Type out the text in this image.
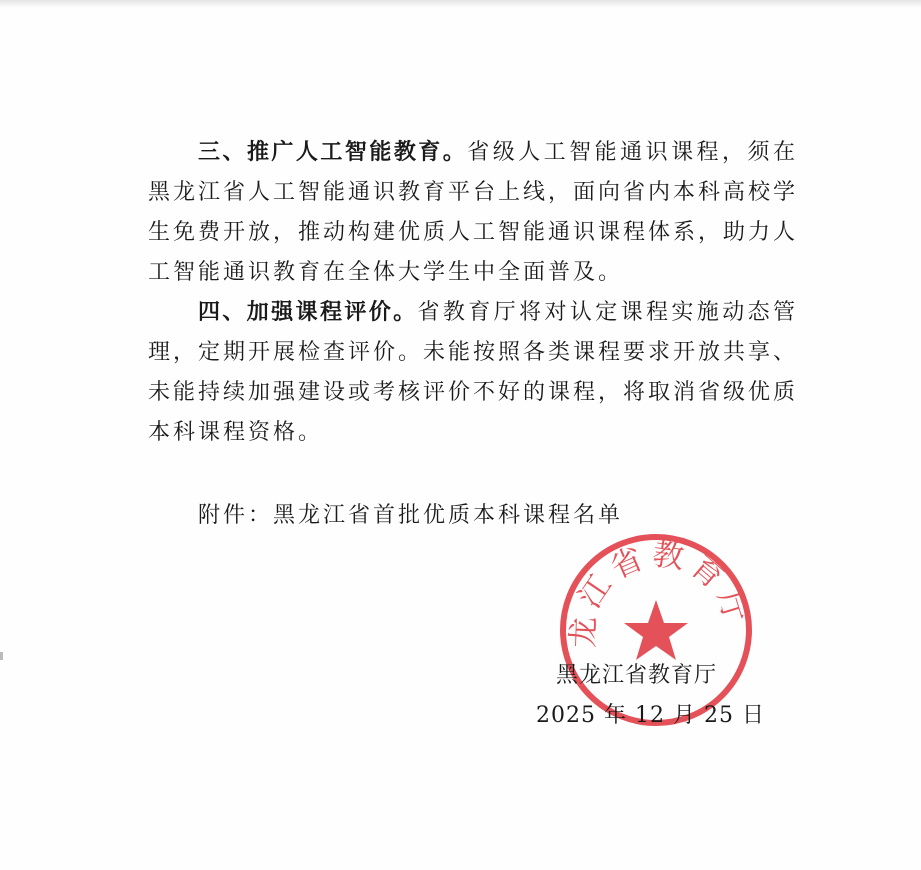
三、推广人工智能教育。省级人工智能通识课程，须在黑龙江省人工智能通识教育平台上线，面向省内本科高校学生免费开放，推动构建优质人工智能通识课程体系，助力人工智能通识教育在全体大学生中全面普及。

四、加强课程评价。省教育厅将对认定课程实施动态管理，定期开展检查评价。未能按照各类课程要求开放共享、未能持续加强建设或考核评价不好的课程，将取消省级优质本科课程资格。

附件：黑龙江省首批优质本科课程名单

龙江省教育厅

黑龙江省教育厅

2025 年 12 月 25 日
